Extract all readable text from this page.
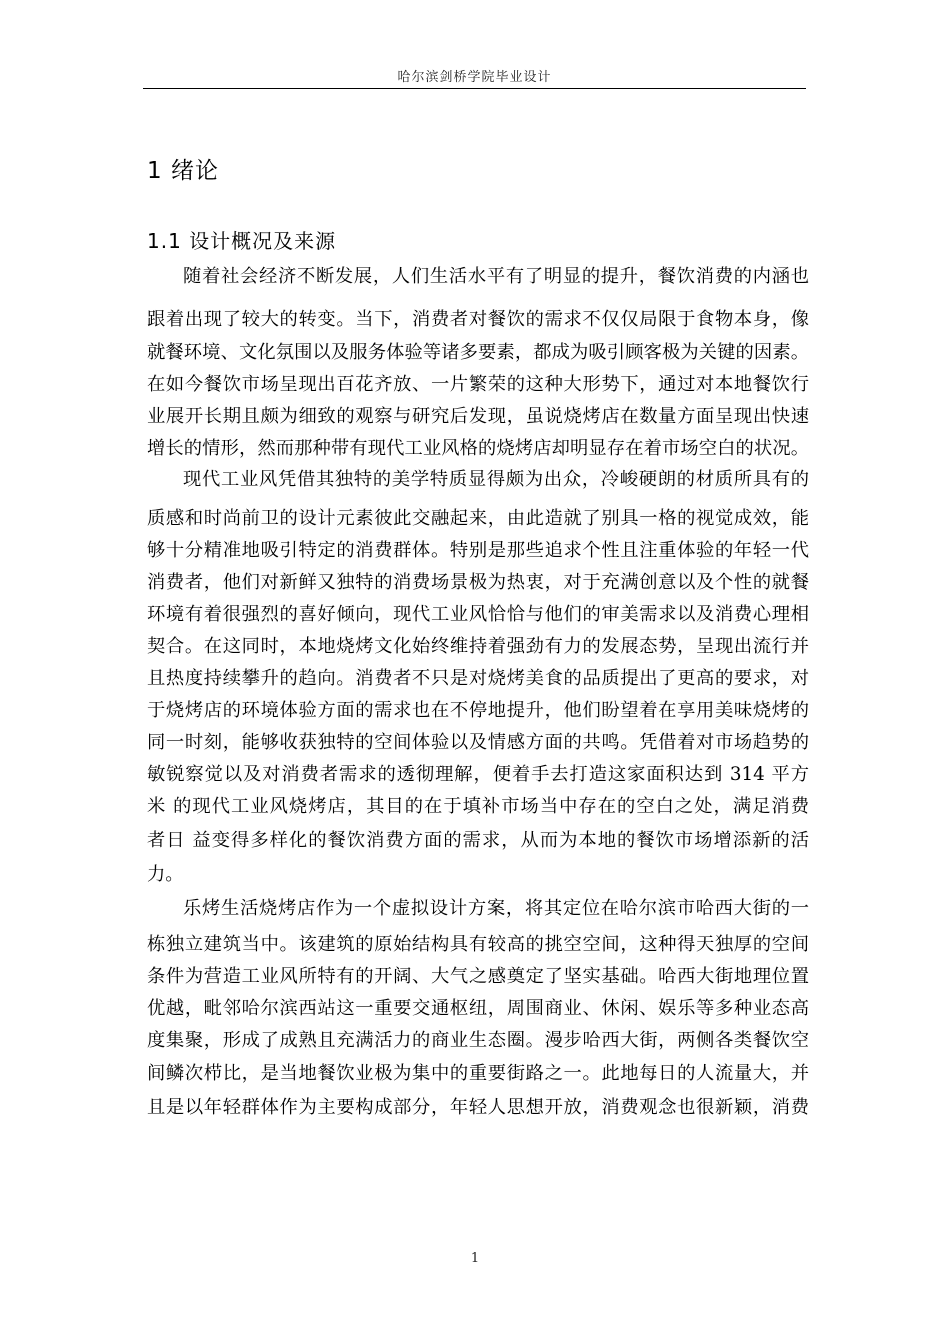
哈尔滨剑桥学院毕业设计
1 绪论
1.1 设计概况及来源
随着社会经济不断发展，人们生活水平有了明显的提升，餐饮消费的内涵也
跟着出现了较大的转变。当下，消费者对餐饮的需求不仅仅局限于食物本身，像
就餐环境、文化氛围以及服务体验等诸多要素，都成为吸引顾客极为关键的因素。
在如今餐饮市场呈现出百花齐放、一片繁荣的这种大形势下，通过对本地餐饮行
业展开长期且颇为细致的观察与研究后发现，虽说烧烤店在数量方面呈现出快速
增长的情形，然而那种带有现代工业风格的烧烤店却明显存在着市场空白的状况。
现代工业风凭借其独特的美学特质显得颇为出众，冷峻硬朗的材质所具有的
质感和时尚前卫的设计元素彼此交融起来，由此造就了别具一格的视觉成效，能
够十分精准地吸引特定的消费群体。特别是那些追求个性且注重体验的年轻一代
消费者，他们对新鲜又独特的消费场景极为热衷，对于充满创意以及个性的就餐
环境有着很强烈的喜好倾向，现代工业风恰恰与他们的审美需求以及消费心理相
契合。在这同时，本地烧烤文化始终维持着强劲有力的发展态势，呈现出流行并
且热度持续攀升的趋向。消费者不只是对烧烤美食的品质提出了更高的要求，对
于烧烤店的环境体验方面的需求也在不停地提升，他们盼望着在享用美味烧烤的
同一时刻，能够收获独特的空间体验以及情感方面的共鸣。凭借着对市场趋势的
敏锐察觉以及对消费者需求的透彻理解，便着手去打造这家面积达到 314 平方
米 的现代工业风烧烤店，其目的在于填补市场当中存在的空白之处，满足消费
者日 益变得多样化的餐饮消费方面的需求，从而为本地的餐饮市场增添新的活
力。
乐烤生活烧烤店作为一个虚拟设计方案，将其定位在哈尔滨市哈西大街的一
栋独立建筑当中。该建筑的原始结构具有较高的挑空空间，这种得天独厚的空间
条件为营造工业风所特有的开阔、大气之感奠定了坚实基础。哈西大街地理位置
优越，毗邻哈尔滨西站这一重要交通枢纽，周围商业、休闲、娱乐等多种业态高
度集聚，形成了成熟且充满活力的商业生态圈。漫步哈西大街，两侧各类餐饮空
间鳞次栉比，是当地餐饮业极为集中的重要街路之一。此地每日的人流量大，并
且是以年轻群体作为主要构成部分，年轻人思想开放，消费观念也很新颖，消费
1
